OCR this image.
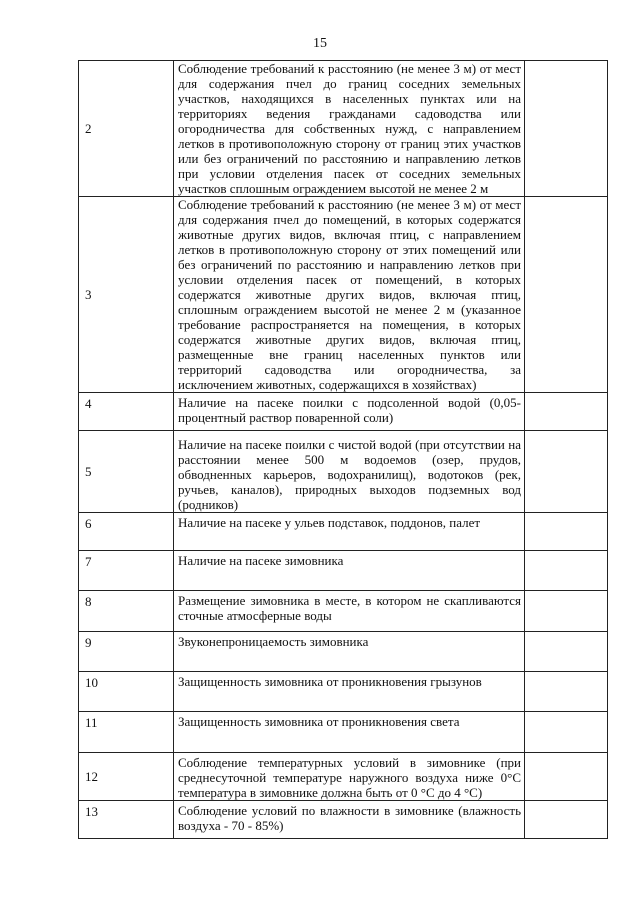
15
2	Соблюдение требований к расстоянию (не менее 3 м) от мест для содержания пчел до границ соседних земельных участков, находящихся в населенных пунктах или на территориях ведения гражданами садоводства или огородничества для собственных нужд, с направлением летков в противоположную сторону от границ этих участков или без ограничений по расстоянию и направлению летков при условии отделения пасек от соседних земельных участков сплошным ограждением высотой не менее 2 м	

3	Соблюдение требований к расстоянию (не менее 3 м) от мест для содержания пчел до помещений, в которых содержатся животные других видов, включая птиц, с направлением летков в противоположную сторону от этих помещений или без ограничений по расстоянию и направлению летков при условии отделения пасек от помещений, в которых содержатся животные других видов, включая птиц, сплошным ограждением высотой не менее 2 м (указанное требование распространяется на помещения, в которых содержатся животные других видов, включая птиц, размещенные вне границ населенных пунктов или территорий садоводства или огородничества, за исключением животных, содержащихся в хозяйствах)	

4	Наличие на пасеке поилки с подсоленной водой (0,05-процентный раствор поваренной соли)	

5	Наличие на пасеке поилки с чистой водой (при отсутствии на расстоянии менее 500 м водоемов (озер, прудов, обводненных карьеров, водохранилищ), водотоков (рек, ручьев, каналов), природных выходов подземных вод (родников)	

6	Наличие на пасеке у ульев подставок, поддонов, палет	

7	Наличие на пасеке зимовника	

8	Размещение зимовника в месте, в котором не скапливаются сточные атмосферные воды	

9	Звуконепроницаемость зимовника	

10	Защищенность зимовника от проникновения грызунов	

11	Защищенность зимовника от проникновения света	

12	Соблюдение температурных условий в зимовнике (при среднесуточной температуре наружного воздуха ниже 0°С температура в зимовнике должна быть от 0 °С до 4 °С)	

13	Соблюдение условий по влажности в зимовнике (влажность воздуха - 70 - 85%)	
